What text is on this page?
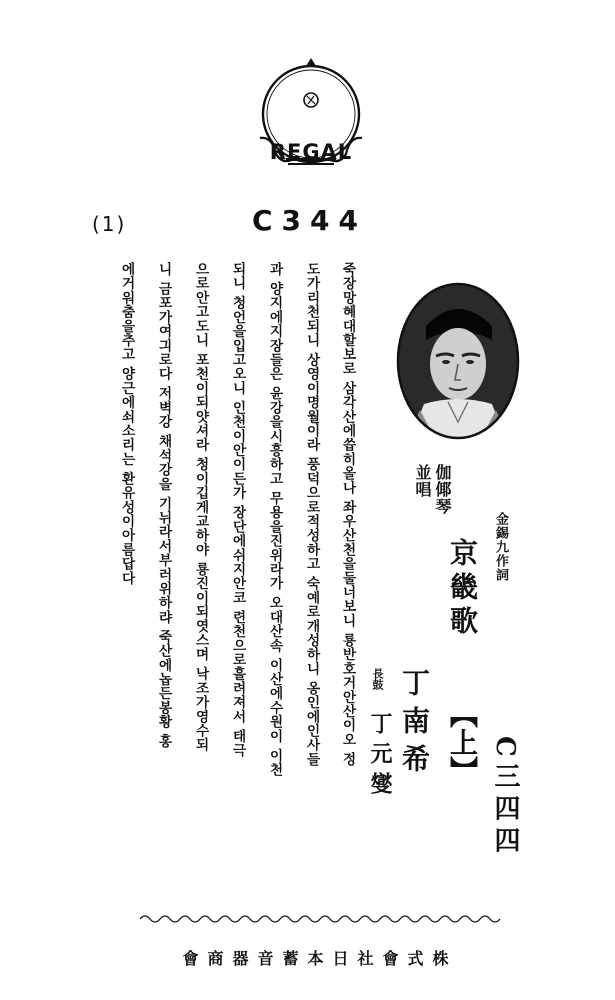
REGAL
(1)	C344
죽장망혜대할보로 삼각산에씁히올나 좌우산천을둘너보니 룡반호거안산이오 정
도가리천되니 상영이명월이라 풍덕으로적성하고 숙예로개성하니 옹인에인사들
과 양지에지장들은 윤강을시흥하고 무용을진위라가 오대산속 이산에수원이 이천
되니 청언을입고오니 인천이안이든가 장단에쉬지안코 련천으로흘려져서 태극
으로안고도니 포천이되얏셔라 청이깁게교하야 룡진이되엿스며 낙조가영수되
니 금포가여긔로다 저벽강 채석강을 기뉘라서부러위하랴 죽산에놉든봉황 홍
에거워춤을추고 양근에쇠소리는 환유성이아름답다
C三四四
金錫九作詞
京畿歌
【上】
伽倻琴
並唱
丁南希
長鼓
丁元燮
株式會社日本蓄音器商會
